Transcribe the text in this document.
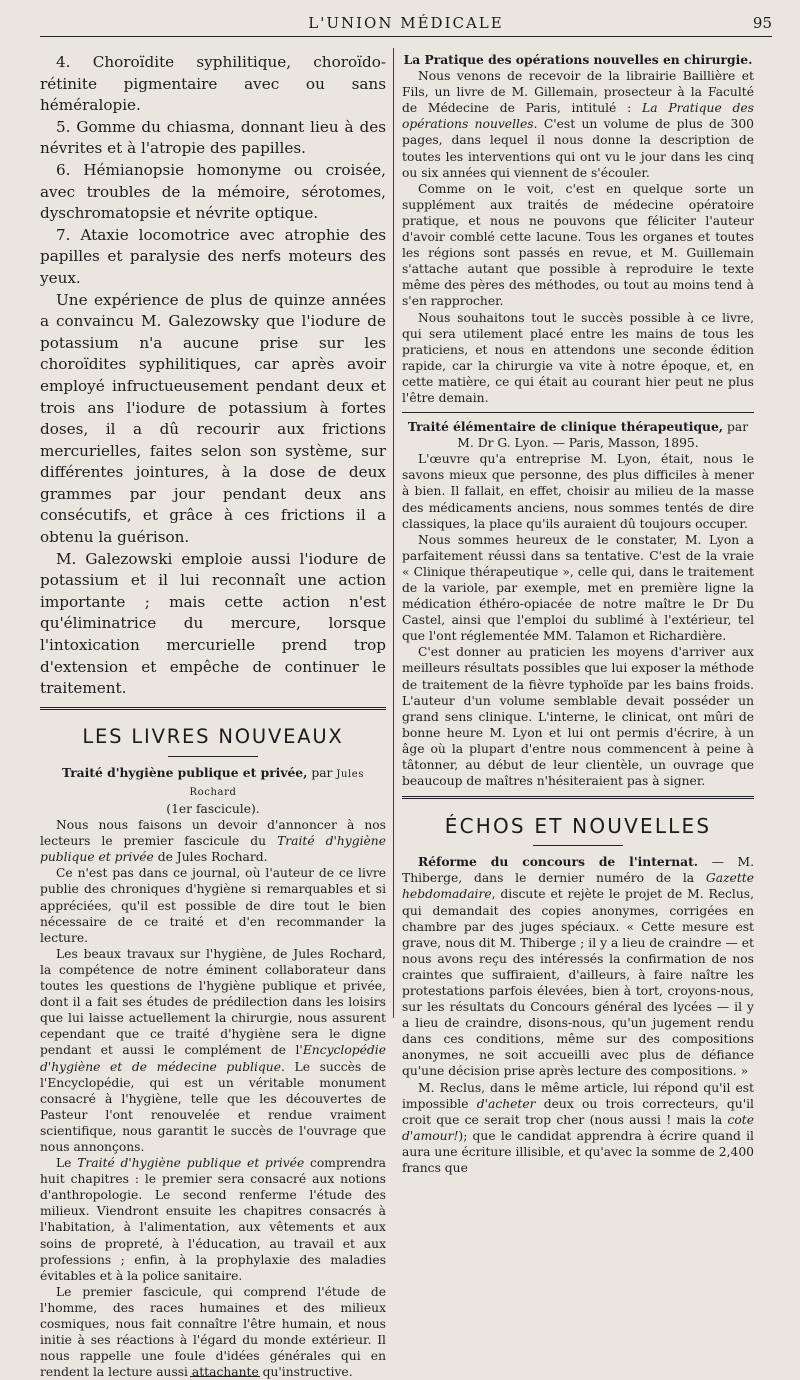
L'UNION MÉDICALE	95

4. Choroïdite syphilitique, choroïdo-rétinite pigmentaire avec ou sans héméralopie.

5. Gomme du chiasma, donnant lieu à des névrites et à l'atropie des papilles.

6. Hémianopsie homonyme ou croisée, avec troubles de la mémoire, sérotomes, dyschromatopsie et névrite optique.

7. Ataxie locomotrice avec atrophie des papilles et paralysie des nerfs moteurs des yeux.

Une expérience de plus de quinze années a convaincu M. Galezowsky que l'iodure de potassium n'a aucune prise sur les choroïdites syphilitiques, car après avoir employé infructueusement pendant deux et trois ans l'iodure de potassium à fortes doses, il a dû recourir aux frictions mercurielles, faites selon son système, sur différentes jointures, à la dose de deux grammes par jour pendant deux ans consécutifs, et grâce à ces frictions il a obtenu la guérison.

M. Galezowski emploie aussi l'iodure de potassium et il lui reconnaît une action importante ; mais cette action n'est qu'éliminatrice du mercure, lorsque l'intoxication mercurielle prend trop d'extension et empêche de continuer le traitement.

LES LIVRES NOUVEAUX

Traité d'hygiène publique et privée, par Jules Rochard
(1er fascicule).

Nous nous faisons un devoir d'annoncer à nos lecteurs le premier fascicule du Traité d'hygiène publique et privée de Jules Rochard.

Ce n'est pas dans ce journal, où l'auteur de ce livre publie des chroniques d'hygiène si remarquables et si appréciées, qu'il est possible de dire tout le bien nécessaire de ce traité et d'en recommander la lecture.

Les beaux travaux sur l'hygiène, de Jules Rochard, la compétence de notre éminent collaborateur dans toutes les questions de l'hygiène publique et privée, dont il a fait ses études de prédilection dans les loisirs que lui laisse actuellement la chirurgie, nous assurent cependant que ce traité d'hygiène sera le digne pendant et aussi le complément de l'Encyclopédie d'hygiène et de médecine publique. Le succès de l'Encyclopédie, qui est un véritable monument consacré à l'hygiène, telle que les découvertes de Pasteur l'ont renouvelée et rendue vraiment scientifique, nous garantit le succès de l'ouvrage que nous annonçons.

Le Traité d'hygiène publique et privée comprendra huit chapitres : le premier sera consacré aux notions d'anthropologie. Le second renferme l'étude des milieux. Viendront ensuite les chapitres consacrés à l'habitation, à l'alimentation, aux vêtements et aux soins de propreté, à l'éducation, au travail et aux professions ; enfin, à la prophylaxie des maladies évitables et à la police sanitaire.

Le premier fascicule, qui comprend l'étude de l'homme, des races humaines et des milieux cosmiques, nous fait connaître l'être humain, et nous initie à ses réactions à l'égard du monde extérieur. Il nous rappelle une foule d'idées générales qui en rendent la lecture aussi attachante qu'instructive.

La Pratique des opérations nouvelles en chirurgie.

Nous venons de recevoir de la librairie Baillière et Fils, un livre de M. Gillemain, prosecteur à la Faculté de Médecine de Paris, intitulé : La Pratique des opérations nouvelles. C'est un volume de plus de 300 pages, dans lequel il nous donne la description de toutes les interventions qui ont vu le jour dans les cinq ou six années qui viennent de s'écouler.

Comme on le voit, c'est en quelque sorte un supplément aux traités de médecine opératoire pratique, et nous ne pouvons que féliciter l'auteur d'avoir comblé cette lacune. Tous les organes et toutes les régions sont passés en revue, et M. Guillemain s'attache autant que possible à reproduire le texte même des pères des méthodes, ou tout au moins tend à s'en rapprocher.

Nous souhaitons tout le succès possible à ce livre, qui sera utilement placé entre les mains de tous les praticiens, et nous en attendons une seconde édition rapide, car la chirurgie va vite à notre époque, et, en cette matière, ce qui était au courant hier peut ne plus l'être demain.

Traité élémentaire de clinique thérapeutique, par
M. Dr G. Lyon. — Paris, Masson, 1895.

L'œuvre qu'a entreprise M. Lyon, était, nous le savons mieux que personne, des plus difficiles à mener à bien. Il fallait, en effet, choisir au milieu de la masse des médicaments anciens, nous sommes tentés de dire classiques, la place qu'ils auraient dû toujours occuper.

Nous sommes heureux de le constater, M. Lyon a parfaitement réussi dans sa tentative. C'est de la vraie « Clinique thérapeutique », celle qui, dans le traitement de la variole, par exemple, met en première ligne la médication éthéro-opiacée de notre maître le Dr Du Castel, ainsi que l'emploi du sublimé à l'extérieur, tel que l'ont réglementée MM. Talamon et Richardière.

C'est donner au praticien les moyens d'arriver aux meilleurs résultats possibles que lui exposer la méthode de traitement de la fièvre typhoïde par les bains froids. L'auteur d'un volume semblable devait posséder un grand sens clinique. L'interne, le clinicat, ont mûri de bonne heure M. Lyon et lui ont permis d'écrire, à un âge où la plupart d'entre nous commencent à peine à tâtonner, au début de leur clientèle, un ouvrage que beaucoup de maîtres n'hésiteraient pas à signer.

ÉCHOS ET NOUVELLES

Réforme du concours de l'internat. — M. Thiberge, dans le dernier numéro de la Gazette hebdomadaire, discute et rejète le projet de M. Reclus, qui demandait des copies anonymes, corrigées en chambre par des juges spéciaux. « Cette mesure est grave, nous dit M. Thiberge ; il y a lieu de craindre — et nous avons reçu des intéressés la confirmation de nos craintes que suffiraient, d'ailleurs, à faire naître les protestations parfois élevées, bien à tort, croyons-nous, sur les résultats du Concours général des lycées — il y a lieu de craindre, disons-nous, qu'un jugement rendu dans ces conditions, même sur des compositions anonymes, ne soit accueilli avec plus de défiance qu'une décision prise après lecture des compositions. »

M. Reclus, dans le même article, lui répond qu'il est impossible d'acheter deux ou trois correcteurs, qu'il croit que ce serait trop cher (nous aussi ! mais la cote d'amour!); que le candidat apprendra à écrire quand il aura une écriture illisible, et qu'avec la somme de 2,400 francs que
